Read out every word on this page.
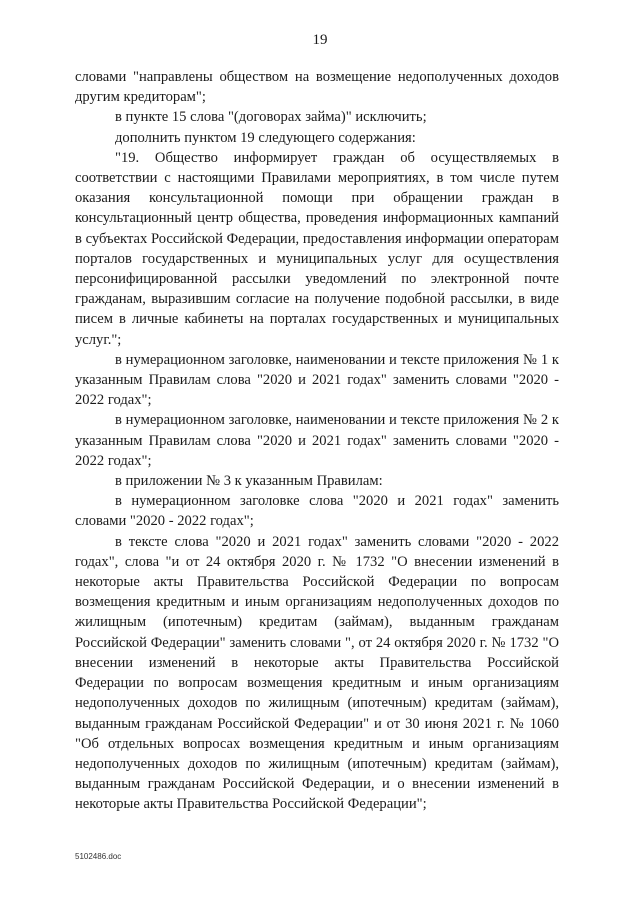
19

словами "направлены обществом на возмещение недополученных доходов другим кредиторам";

в пункте 15 слова "(договорах займа)" исключить;

дополнить пунктом 19 следующего содержания:

"19. Общество информирует граждан об осуществляемых в соответствии с настоящими Правилами мероприятиях, в том числе путем оказания консультационной помощи при обращении граждан в консультационный центр общества, проведения информационных кампаний в субъектах Российской Федерации, предоставления информации операторам порталов государственных и муниципальных услуг для осуществления персонифицированной рассылки уведомлений по электронной почте гражданам, выразившим согласие на получение подобной рассылки, в виде писем в личные кабинеты на порталах государственных и муниципальных услуг.";

в нумерационном заголовке, наименовании и тексте приложения № 1 к указанным Правилам слова "2020 и 2021 годах" заменить словами "2020 - 2022 годах";

в нумерационном заголовке, наименовании и тексте приложения № 2 к указанным Правилам слова "2020 и 2021 годах" заменить словами "2020 - 2022 годах";

в приложении № 3 к указанным Правилам:

в нумерационном заголовке слова "2020 и 2021 годах" заменить словами "2020 - 2022 годах";

в тексте слова "2020 и 2021 годах" заменить словами "2020 - 2022 годах", слова "и от 24 октября 2020 г. № 1732 "О внесении изменений в некоторые акты Правительства Российской Федерации по вопросам возмещения кредитным и иным организациям недополученных доходов по жилищным (ипотечным) кредитам (займам), выданным гражданам Российской Федерации" заменить словами ", от 24 октября 2020 г. № 1732 "О внесении изменений в некоторые акты Правительства Российской Федерации по вопросам возмещения кредитным и иным организациям недополученных доходов по жилищным (ипотечным) кредитам (займам), выданным гражданам Российской Федерации" и от 30 июня 2021 г. № 1060 "Об отдельных вопросах возмещения кредитным и иным организациям недополученных доходов по жилищным (ипотечным) кредитам (займам), выданным гражданам Российской Федерации, и о внесении изменений в некоторые акты Правительства Российской Федерации";

5102486.doc
